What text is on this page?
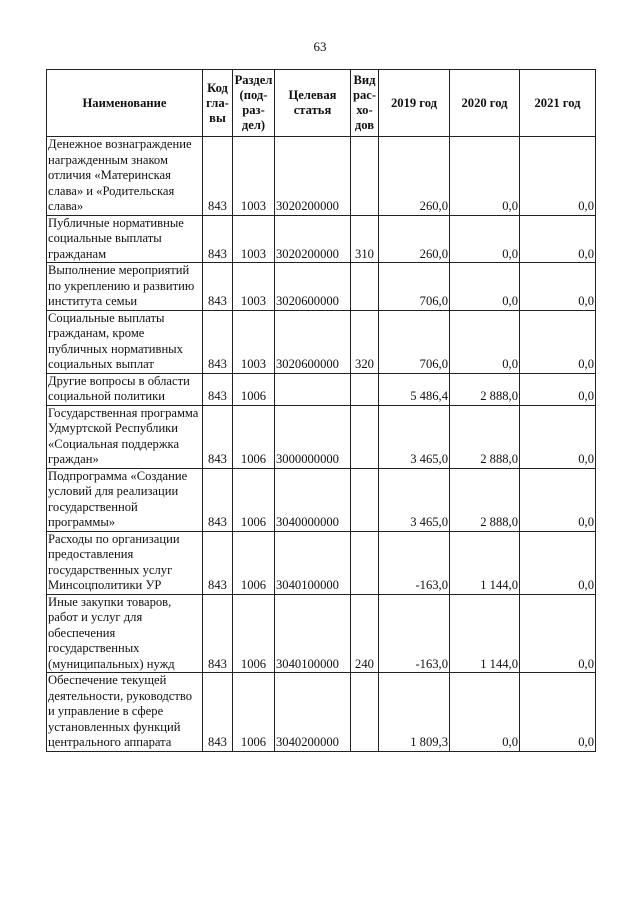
63
Наименование	Код гла- вы	Раздел (под- раз- дел)	Целевая статья	Вид рас- хо- дов	2019 год	2020 год	2021 год
Денежное вознаграждение награжденным знаком отличия «Материнская слава» и «Родительская слава»	843	1003	3020200000		260,0	0,0	0,0
Публичные нормативные социальные выплаты гражданам	843	1003	3020200000	310	260,0	0,0	0,0
Выполнение мероприятий по укреплению и развитию института семьи	843	1003	3020600000		706,0	0,0	0,0
Социальные выплаты гражданам, кроме публичных нормативных социальных выплат	843	1003	3020600000	320	706,0	0,0	0,0
Другие вопросы в области социальной политики	843	1006			5 486,4	2 888,0	0,0
Государственная программа Удмуртской Республики «Социальная поддержка граждан»	843	1006	3000000000		3 465,0	2 888,0	0,0
Подпрограмма «Создание условий для реализации государственной программы»	843	1006	3040000000		3 465,0	2 888,0	0,0
Расходы по организации предоставления государственных услуг Минсоцполитики УР	843	1006	3040100000		-163,0	1 144,0	0,0
Иные закупки товаров, работ и услуг для обеспечения государственных (муниципальных) нужд	843	1006	3040100000	240	-163,0	1 144,0	0,0
Обеспечение текущей деятельности, руководство и управление в сфере установленных функций центрального аппарата	843	1006	3040200000		1 809,3	0,0	0,0
